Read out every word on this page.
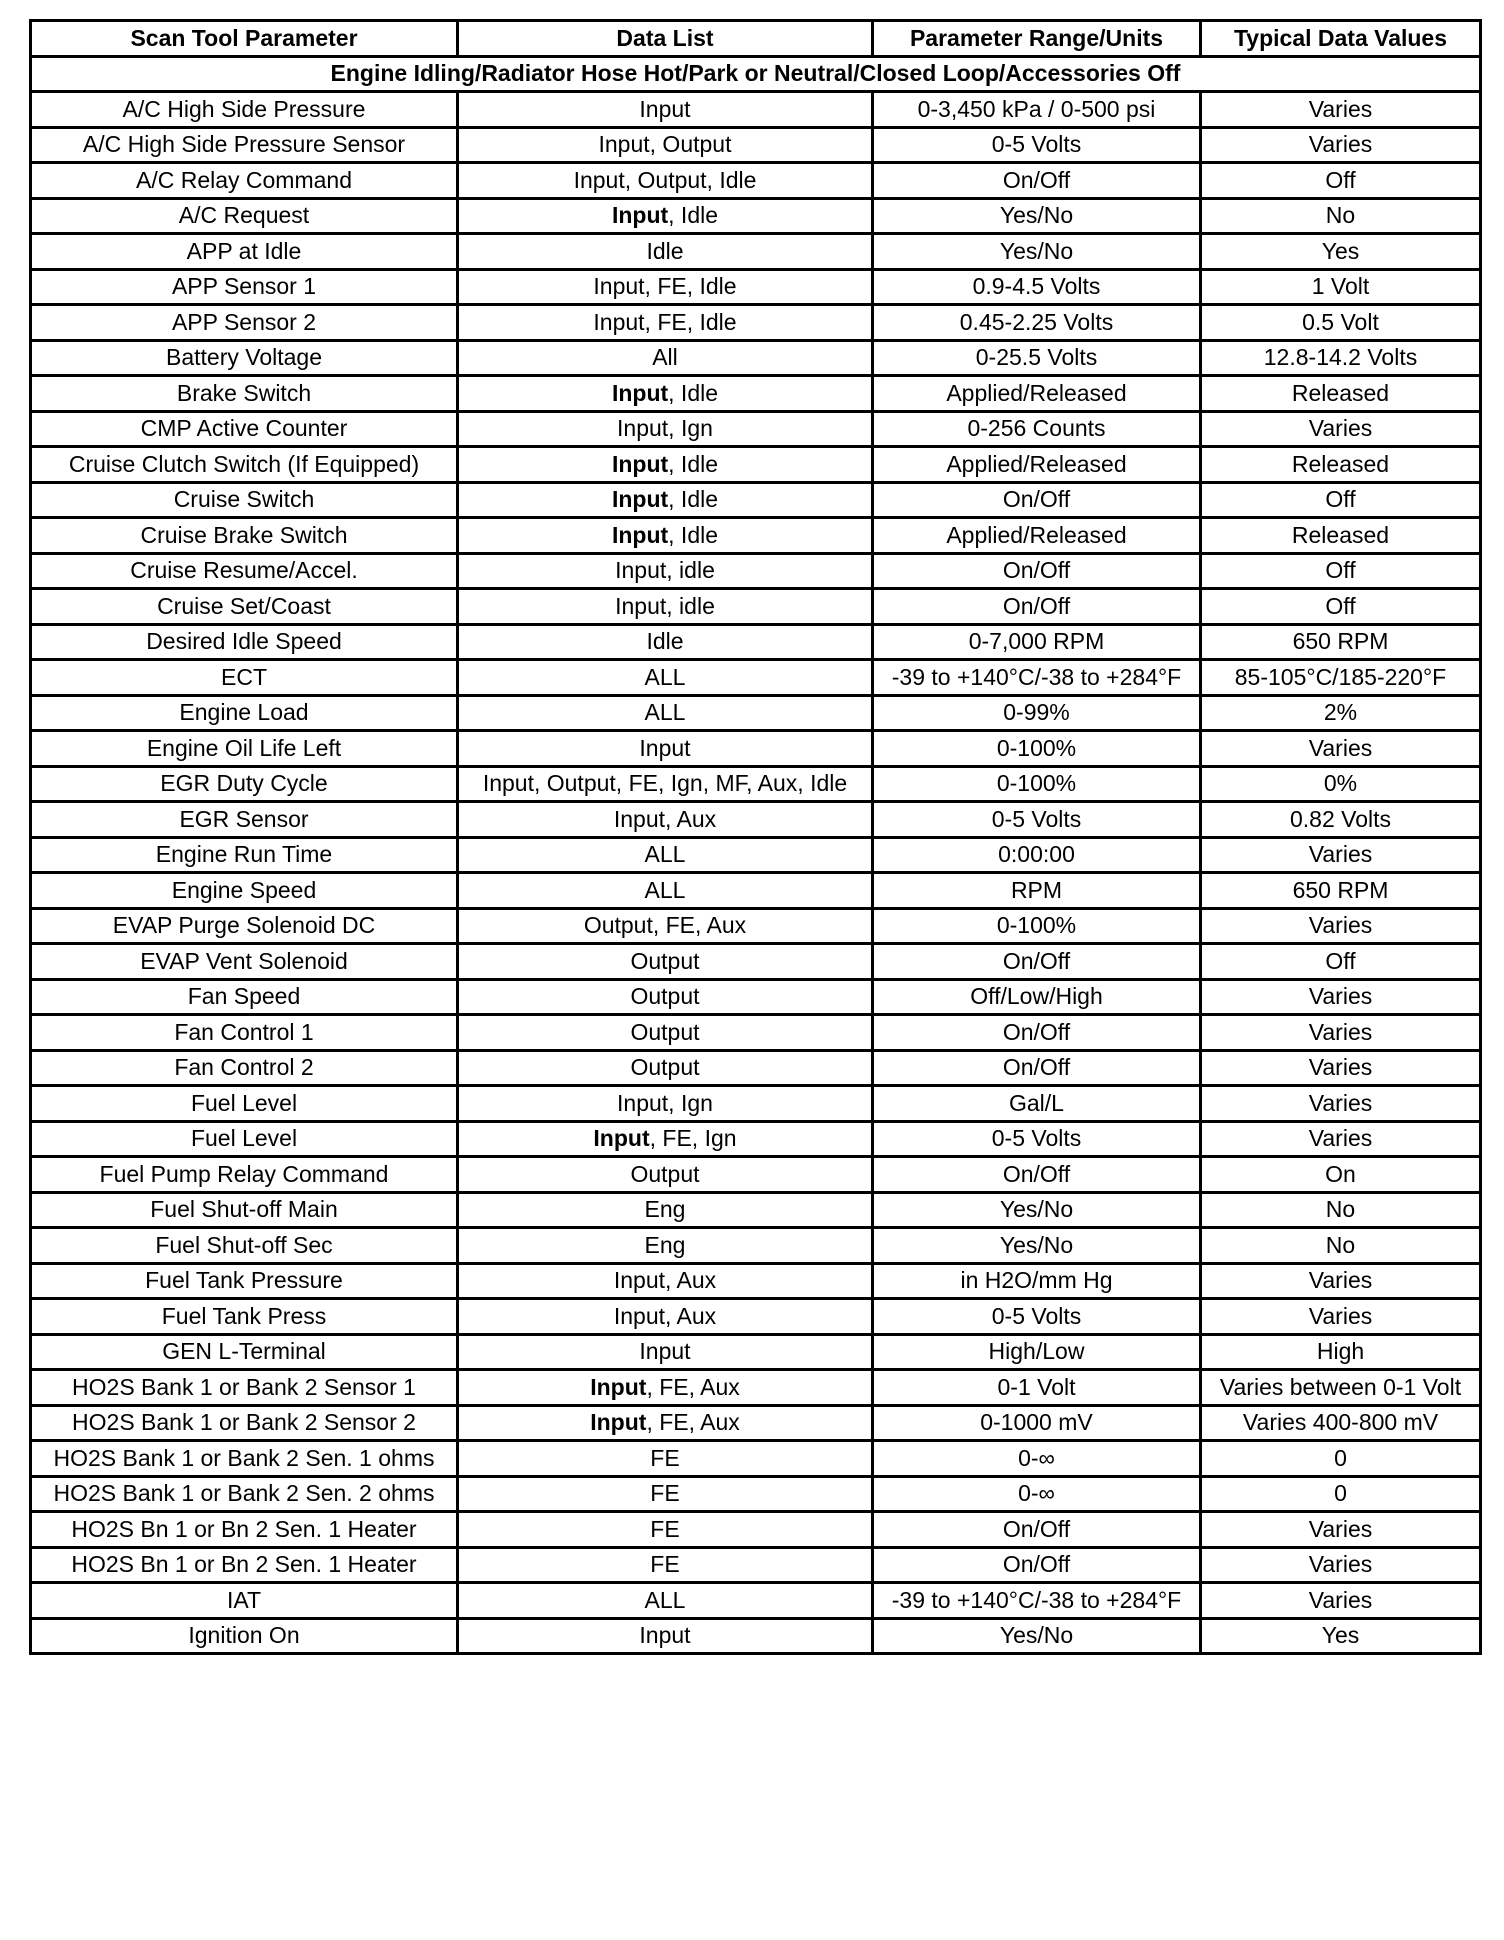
Scan Tool Parameter	Data List	Parameter Range/Units	Typical Data Values
Engine Idling/Radiator Hose Hot/Park or Neutral/Closed Loop/Accessories Off			
A/C High Side Pressure	Input	0-3,450 kPa / 0-500 psi	Varies
A/C High Side Pressure Sensor	Input, Output	0-5 Volts	Varies
A/C Relay Command	Input, Output, Idle	On/Off	Off
A/C Request	Input, Idle	Yes/No	No
APP at Idle	Idle	Yes/No	Yes
APP Sensor 1	Input, FE, Idle	0.9-4.5 Volts	1 Volt
APP Sensor 2	Input, FE, Idle	0.45-2.25 Volts	0.5 Volt
Battery Voltage	All	0-25.5 Volts	12.8-14.2 Volts
Brake Switch	Input, Idle	Applied/Released	Released
CMP Active Counter	Input, Ign	0-256 Counts	Varies
Cruise Clutch Switch (If Equipped)	Input, Idle	Applied/Released	Released
Cruise Switch	Input, Idle	On/Off	Off
Cruise Brake Switch	Input, Idle	Applied/Released	Released
Cruise Resume/Accel.	Input, idle	On/Off	Off
Cruise Set/Coast	Input, idle	On/Off	Off
Desired Idle Speed	Idle	0-7,000 RPM	650 RPM
ECT	ALL	-39 to +140°C/-38 to +284°F	85-105°C/185-220°F
Engine Load	ALL	0-99%	2%
Engine Oil Life Left	Input	0-100%	Varies
EGR Duty Cycle	Input, Output, FE, Ign, MF, Aux, Idle	0-100%	0%
EGR Sensor	Input, Aux	0-5 Volts	0.82 Volts
Engine Run Time	ALL	0:00:00	Varies
Engine Speed	ALL	RPM	650 RPM
EVAP Purge Solenoid DC	Output, FE, Aux	0-100%	Varies
EVAP Vent Solenoid	Output	On/Off	Off
Fan Speed	Output	Off/Low/High	Varies
Fan Control 1	Output	On/Off	Varies
Fan Control 2	Output	On/Off	Varies
Fuel Level	Input, Ign	Gal/L	Varies
Fuel Level	Input, FE, Ign	0-5 Volts	Varies
Fuel Pump Relay Command	Output	On/Off	On
Fuel Shut-off Main	Eng	Yes/No	No
Fuel Shut-off Sec	Eng	Yes/No	No
Fuel Tank Pressure	Input, Aux	in H2O/mm Hg	Varies
Fuel Tank Press	Input, Aux	0-5 Volts	Varies
GEN L-Terminal	Input	High/Low	High
HO2S Bank 1 or Bank 2 Sensor 1	Input, FE, Aux	0-1 Volt	Varies between 0-1 Volt
HO2S Bank 1 or Bank 2 Sensor 2	Input, FE, Aux	0-1000 mV	Varies 400-800 mV
HO2S Bank 1 or Bank 2 Sen. 1 ohms	FE	0-∞	0
HO2S Bank 1 or Bank 2 Sen. 2 ohms	FE	0-∞	0
HO2S Bn 1 or Bn 2 Sen. 1 Heater	FE	On/Off	Varies
HO2S Bn 1 or Bn 2 Sen. 1 Heater	FE	On/Off	Varies
IAT	ALL	-39 to +140°C/-38 to +284°F	Varies
Ignition On	Input	Yes/No	Yes
